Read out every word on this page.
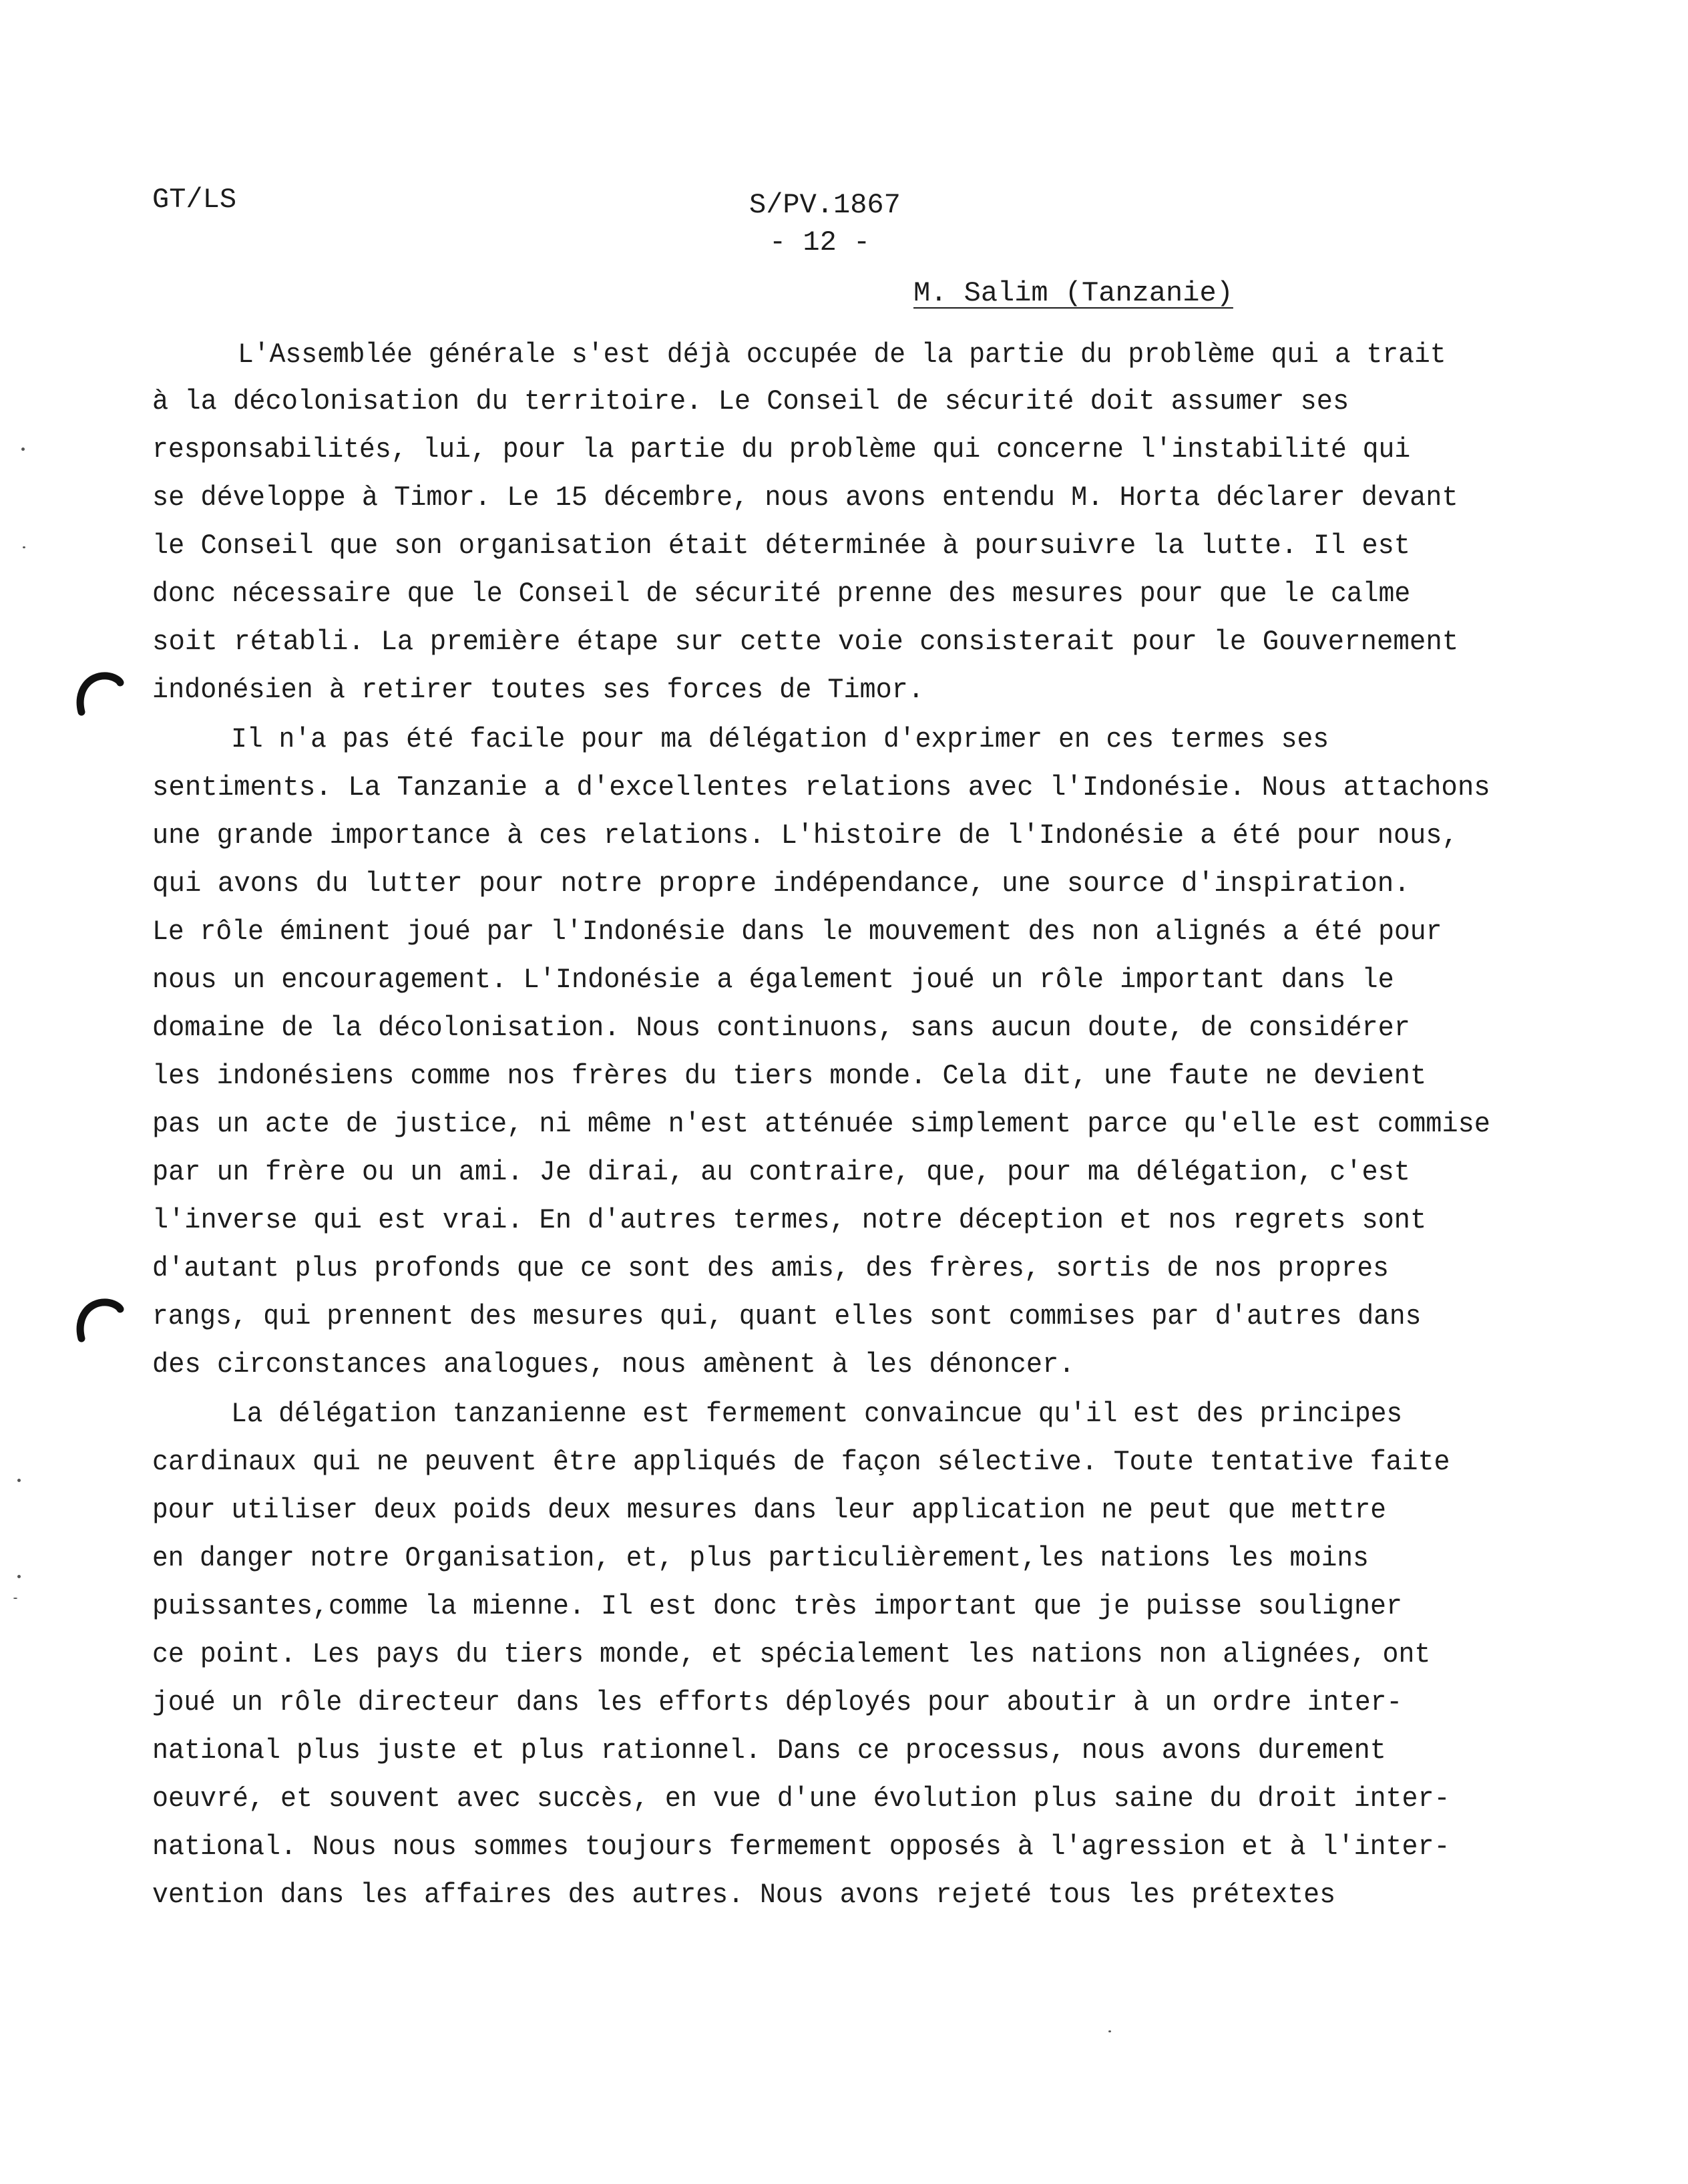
GT/LS	S/PV.1867
- 12 -
M. Salim (Tanzanie)
L'Assemblée générale s'est déjà occupée de la partie du problème qui a trait
à la décolonisation du territoire. Le Conseil de sécurité doit assumer ses
responsabilités, lui, pour la partie du problème qui concerne l'instabilité qui
se développe à Timor. Le 15 décembre, nous avons entendu M. Horta déclarer devant
le Conseil que son organisation était déterminée à poursuivre la lutte. Il est
donc nécessaire que le Conseil de sécurité prenne des mesures pour que le calme
soit rétabli. La première étape sur cette voie consisterait pour le Gouvernement
indonésien à retirer toutes ses forces de Timor.
Il n'a pas été facile pour ma délégation d'exprimer en ces termes ses
sentiments. La Tanzanie a d'excellentes relations avec l'Indonésie. Nous attachons
une grande importance à ces relations. L'histoire de l'Indonésie a été pour nous,
qui avons du lutter pour notre propre indépendance, une source d'inspiration.
Le rôle éminent joué par l'Indonésie dans le mouvement des non alignés a été pour
nous un encouragement. L'Indonésie a également joué un rôle important dans le
domaine de la décolonisation. Nous continuons, sans aucun doute, de considérer
les indonésiens comme nos frères du tiers monde. Cela dit, une faute ne devient
pas un acte de justice, ni même n'est atténuée simplement parce qu'elle est commise
par un frère ou un ami. Je dirai, au contraire, que, pour ma délégation, c'est
l'inverse qui est vrai. En d'autres termes, notre déception et nos regrets sont
d'autant plus profonds que ce sont des amis, des frères, sortis de nos propres
rangs, qui prennent des mesures qui, quant elles sont commises par d'autres dans
des circonstances analogues, nous amènent à les dénoncer.
La délégation tanzanienne est fermement convaincue qu'il est des principes
cardinaux qui ne peuvent être appliqués de façon sélective. Toute tentative faite
pour utiliser deux poids deux mesures dans leur application ne peut que mettre
en danger notre Organisation, et, plus particulièrement,les nations les moins
puissantes,comme la mienne. Il est donc très important que je puisse souligner
ce point. Les pays du tiers monde, et spécialement les nations non alignées, ont
joué un rôle directeur dans les efforts déployés pour aboutir à un ordre inter-
national plus juste et plus rationnel. Dans ce processus, nous avons durement
oeuvré, et souvent avec succès, en vue d'une évolution plus saine du droit inter-
national. Nous nous sommes toujours fermement opposés à l'agression et à l'inter-
vention dans les affaires des autres. Nous avons rejeté tous les prétextes
